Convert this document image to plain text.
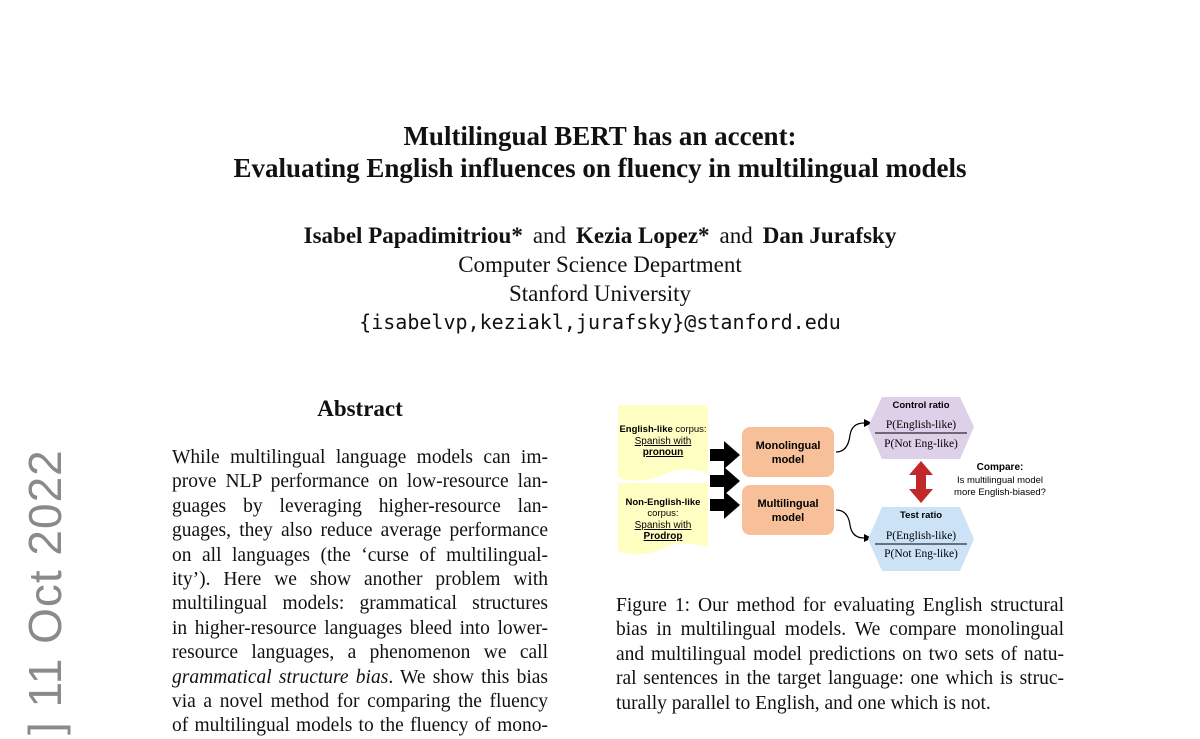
Multilingual BERT has an accent:
Evaluating English influences on fluency in multilingual models
Isabel Papadimitriou* and Kezia Lopez* and Dan Jurafsky
Computer Science Department
Stanford University
{isabelvp,keziakl,jurafsky}@stanford.edu
] 11 Oct 2022
Abstract
While multilingual language models can im-
prove NLP performance on low-resource lan-
guages by leveraging higher-resource lan-
guages, they also reduce average performance
on all languages (the ‘curse of multilingual-
ity’). Here we show another problem with
multilingual models: grammatical structures
in higher-resource languages bleed into lower-
resource languages, a phenomenon we call
grammatical structure bias. We show this bias
via a novel method for comparing the fluency
of multilingual models to the fluency of mono-
English-like corpus:
Spanish with
pronoun
Non-English-like
corpus:
Spanish with
Prodrop
Monolingual
model
Multilingual
model
Control ratio
P(English-like)
P(Not Eng-like)
Test ratio
P(English-like)
P(Not Eng-like)
Compare:
Is multilingual model
more English-biased?
Figure 1: Our method for evaluating English structural
bias in multilingual models. We compare monolingual
and multilingual model predictions on two sets of natu-
ral sentences in the target language: one which is struc-
turally parallel to English, and one which is not.
